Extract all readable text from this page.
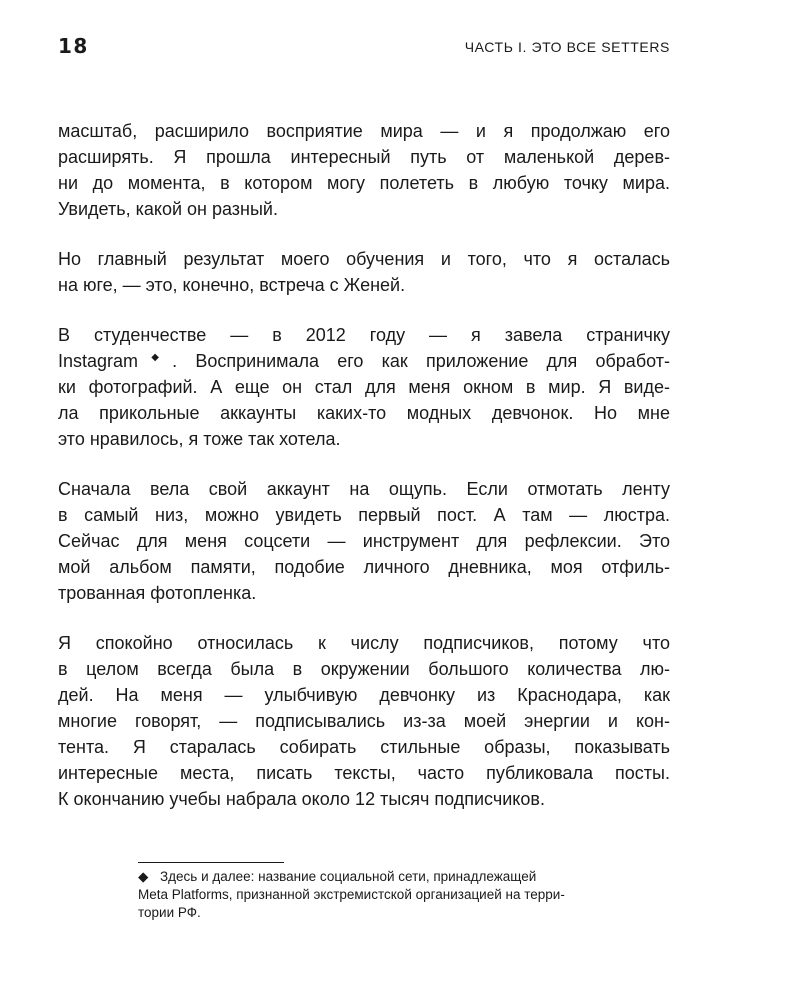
18	ЧАСТЬ I. ЭТО ВСЕ SETTERS

масштаб, расширило восприятие мира — и я продолжаю его
расширять. Я прошла интересный путь от маленькой дерев-
ни до момента, в котором могу полететь в любую точку мира.
Увидеть, какой он разный.

Но главный результат моего обучения и того, что я осталась
на юге, — это, конечно, встреча с Женей.

В студенчестве — в 2012 году — я завела страничку
Instagram◆. Воспринимала его как приложение для обработ-
ки фотографий. А еще он стал для меня окном в мир. Я виде-
ла прикольные аккаунты каких-то модных девчонок. Но мне
это нравилось, я тоже так хотела.

Сначала вела свой аккаунт на ощупь. Если отмотать ленту
в самый низ, можно увидеть первый пост. А там — люстра.
Сейчас для меня соцсети — инструмент для рефлексии. Это
мой альбом памяти, подобие личного дневника, моя отфиль-
трованная фотопленка.

Я спокойно относилась к числу подписчиков, потому что
в целом всегда была в окружении большого количества лю-
дей. На меня — улыбчивую девчонку из Краснодара, как
многие говорят, — подписывались из-за моей энергии и кон-
тента. Я старалась собирать стильные образы, показывать
интересные места, писать тексты, часто публиковала посты.
К окончанию учебы набрала около 12 тысяч подписчиков.

◆ Здесь и далее: название социальной сети, принадлежащей
Meta Platforms, признанной экстремистской организацией на терри-
тории РФ.
